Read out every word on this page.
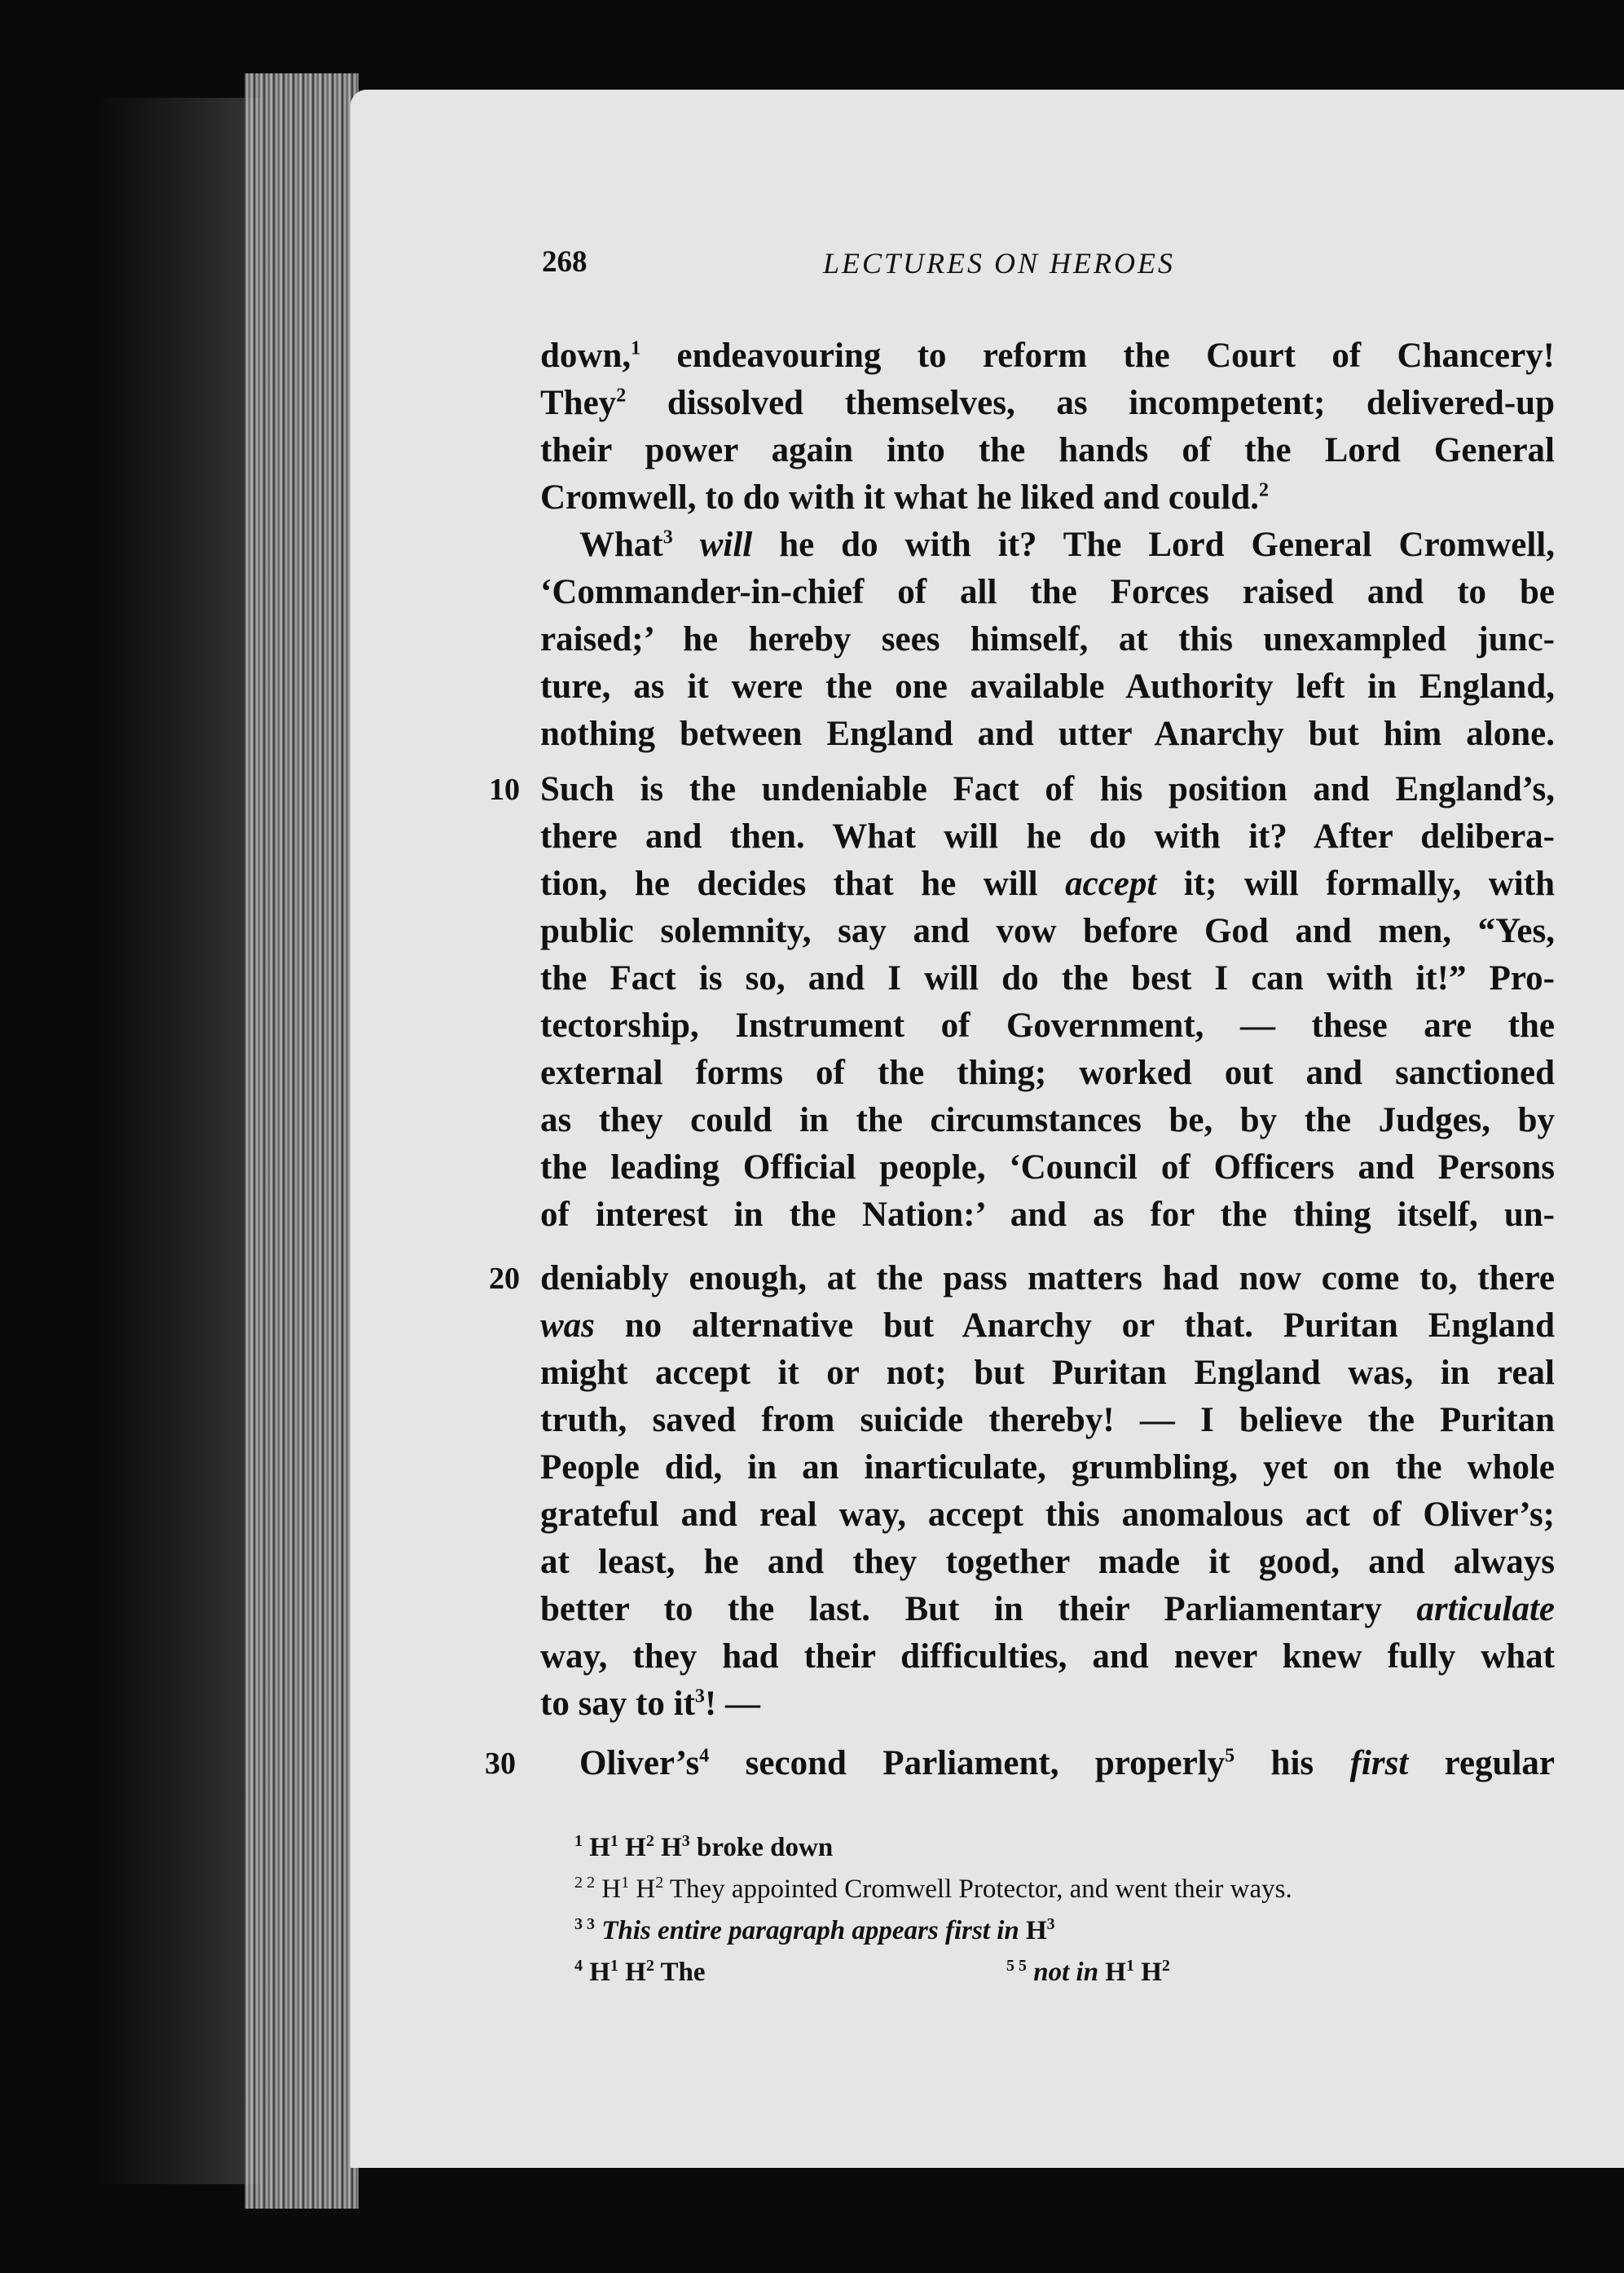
268	LECTURES ON HEROES
down,$^1$ endeavouring to reform the Court of Chancery!
They$^2$ dissolved themselves, as incompetent; delivered-up
their power again into the hands of the Lord General
Cromwell, to do with it what he liked and could.$^2$
What$^3$ will he do with it? The Lord General Cromwell,
‘Commander-in-chief of all the Forces raised and to be
raised;’ he hereby sees himself, at this unexampled junc-
ture, as it were the one available Authority left in England,
nothing between England and utter Anarchy but him alone.
Such is the undeniable Fact of his position and England’s,
there and then. What will he do with it? After delibera-
tion, he decides that he will accept it; will formally, with
public solemnity, say and vow before God and men, “Yes,
the Fact is so, and I will do the best I can with it!” Pro-
tectorship, Instrument of Government, — these are the
external forms of the thing; worked out and sanctioned
as they could in the circumstances be, by the Judges, by
the leading Official people, ‘Council of Officers and Persons
of interest in the Nation:’ and as for the thing itself, un-
deniably enough, at the pass matters had now come to, there
was no alternative but Anarchy or that. Puritan England
might accept it or not; but Puritan England was, in real
truth, saved from suicide thereby! — I believe the Puritan
People did, in an inarticulate, grumbling, yet on the whole
grateful and real way, accept this anomalous act of Oliver’s;
at least, he and they together made it good, and always
better to the last. But in their Parliamentary articulate
way, they had their difficulties, and never knew fully what
to say to $it^3$! —
$Oliver’s^4$ second Parliament, properly$^5$ his first regular
10
20
30
$^1$ $H^1$ $H^2$ $H^3$ broke down
$^{2 2}$ $H^1$ $H^2$ They appointed Cromwell Protector, and went their ways.
$^{3 3}$ This entire paragraph appears first in $H^3$
$^4$ $H^1$ $H^2$ The	$^{5 5}$ not in $H^1$ $H^2$
